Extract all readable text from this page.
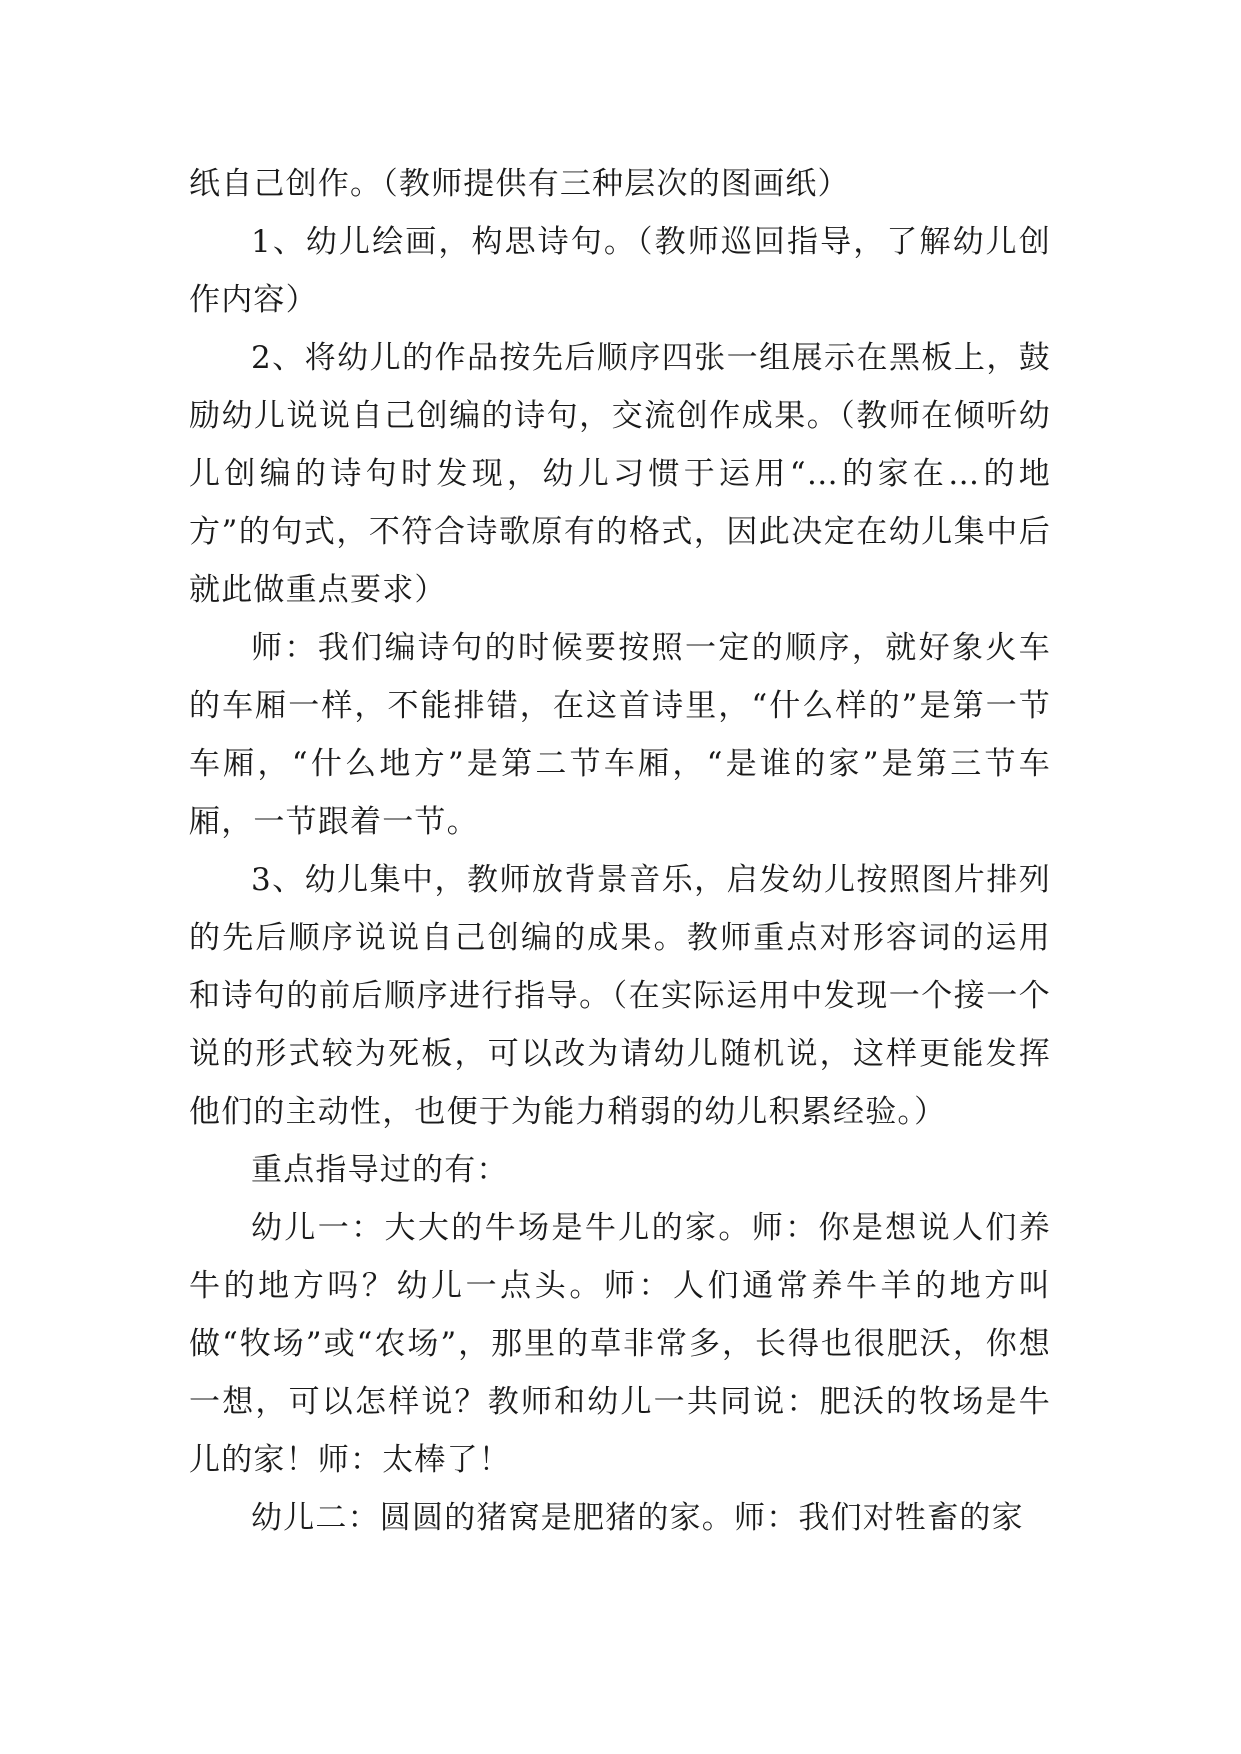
纸自己创作。（教师提供有三种层次的图画纸）

1、幼儿绘画，构思诗句。（教师巡回指导，了解幼儿创作内容）

2、将幼儿的作品按先后顺序四张一组展示在黑板上，鼓励幼儿说说自己创编的诗句，交流创作成果。（教师在倾听幼儿创编的诗句时发现，幼儿习惯于运用“…的家在…的地方”的句式，不符合诗歌原有的格式，因此决定在幼儿集中后就此做重点要求）

师：我们编诗句的时候要按照一定的顺序，就好象火车的车厢一样，不能排错，在这首诗里，“什么样的”是第一节车厢，“什么地方”是第二节车厢，“是谁的家”是第三节车厢，一节跟着一节。

3、幼儿集中，教师放背景音乐，启发幼儿按照图片排列的先后顺序说说自己创编的成果。教师重点对形容词的运用和诗句的前后顺序进行指导。（在实际运用中发现一个接一个说的形式较为死板，可以改为请幼儿随机说，这样更能发挥他们的主动性，也便于为能力稍弱的幼儿积累经验。）

重点指导过的有：

幼儿一：大大的牛场是牛儿的家。师：你是想说人们养牛的地方吗？幼儿一点头。师：人们通常养牛羊的地方叫做“牧场”或“农场”，那里的草非常多，长得也很肥沃，你想一想，可以怎样说？教师和幼儿一共同说：肥沃的牧场是牛儿的家！师：太棒了！

幼儿二：圆圆的猪窝是肥猪的家。师：我们对牲畜的家
